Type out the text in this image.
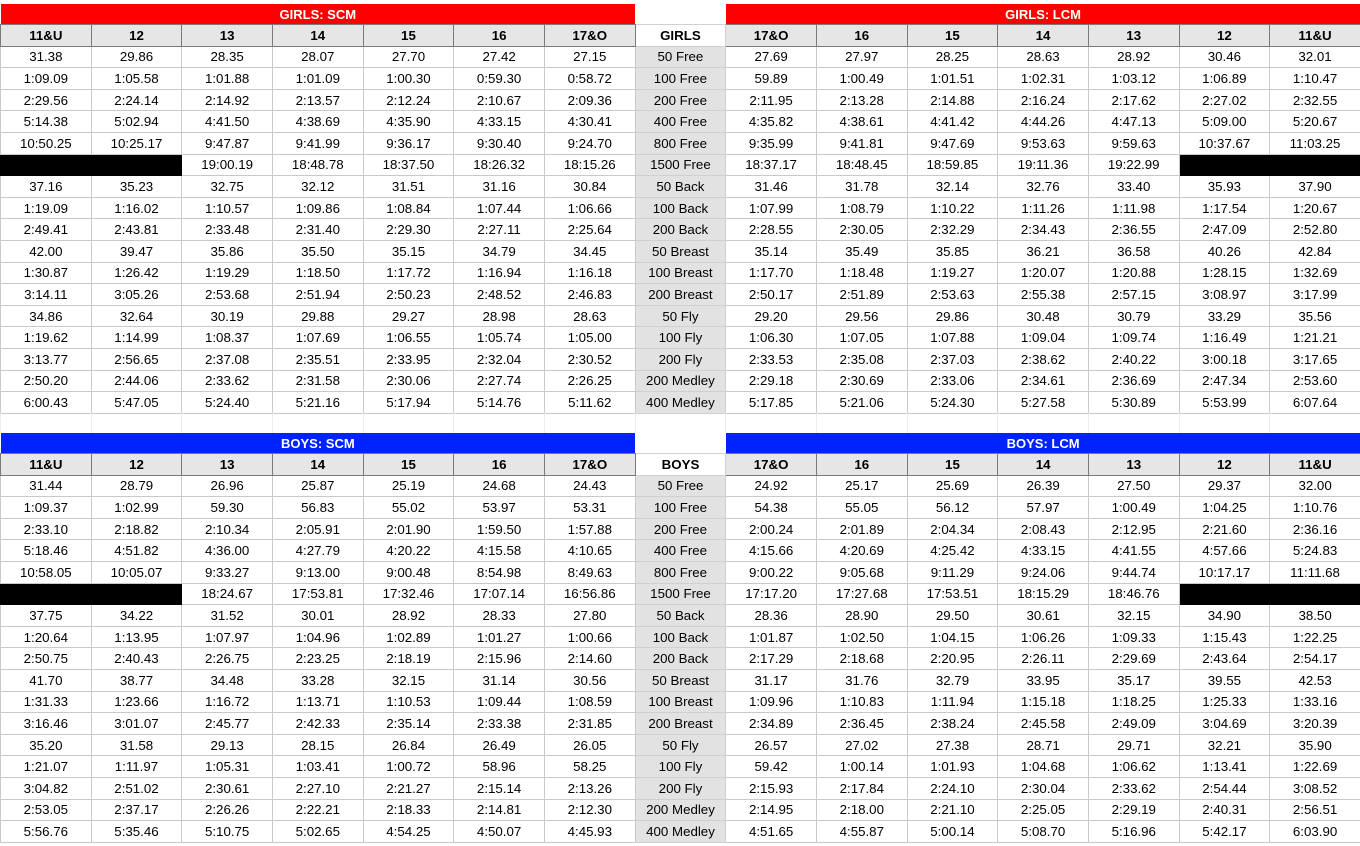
GIRLS: SCM								GIRLS: LCM						
11&U	12	13	14	15	16	17&O	GIRLS	17&O	16	15	14	13	12	11&U
31.38	29.86	28.35	28.07	27.70	27.42	27.15	50 Free	27.69	27.97	28.25	28.63	28.92	30.46	32.01
1:09.09	1:05.58	1:01.88	1:01.09	1:00.30	0:59.30	0:58.72	100 Free	59.89	1:00.49	1:01.51	1:02.31	1:03.12	1:06.89	1:10.47
2:29.56	2:24.14	2:14.92	2:13.57	2:12.24	2:10.67	2:09.36	200 Free	2:11.95	2:13.28	2:14.88	2:16.24	2:17.62	2:27.02	2:32.55
5:14.38	5:02.94	4:41.50	4:38.69	4:35.90	4:33.15	4:30.41	400 Free	4:35.82	4:38.61	4:41.42	4:44.26	4:47.13	5:09.00	5:20.67
10:50.25	10:25.17	9:47.87	9:41.99	9:36.17	9:30.40	9:24.70	800 Free	9:35.99	9:41.81	9:47.69	9:53.63	9:59.63	10:37.67	11:03.25
		19:00.19	18:48.78	18:37.50	18:26.32	18:15.26	1500 Free	18:37.17	18:48.45	18:59.85	19:11.36	19:22.99		
37.16	35.23	32.75	32.12	31.51	31.16	30.84	50 Back	31.46	31.78	32.14	32.76	33.40	35.93	37.90
1:19.09	1:16.02	1:10.57	1:09.86	1:08.84	1:07.44	1:06.66	100 Back	1:07.99	1:08.79	1:10.22	1:11.26	1:11.98	1:17.54	1:20.67
2:49.41	2:43.81	2:33.48	2:31.40	2:29.30	2:27.11	2:25.64	200 Back	2:28.55	2:30.05	2:32.29	2:34.43	2:36.55	2:47.09	2:52.80
42.00	39.47	35.86	35.50	35.15	34.79	34.45	50 Breast	35.14	35.49	35.85	36.21	36.58	40.26	42.84
1:30.87	1:26.42	1:19.29	1:18.50	1:17.72	1:16.94	1:16.18	100 Breast	1:17.70	1:18.48	1:19.27	1:20.07	1:20.88	1:28.15	1:32.69
3:14.11	3:05.26	2:53.68	2:51.94	2:50.23	2:48.52	2:46.83	200 Breast	2:50.17	2:51.89	2:53.63	2:55.38	2:57.15	3:08.97	3:17.99
34.86	32.64	30.19	29.88	29.27	28.98	28.63	50 Fly	29.20	29.56	29.86	30.48	30.79	33.29	35.56
1:19.62	1:14.99	1:08.37	1:07.69	1:06.55	1:05.74	1:05.00	100 Fly	1:06.30	1:07.05	1:07.88	1:09.04	1:09.74	1:16.49	1:21.21
3:13.77	2:56.65	2:37.08	2:35.51	2:33.95	2:32.04	2:30.52	200 Fly	2:33.53	2:35.08	2:37.03	2:38.62	2:40.22	3:00.18	3:17.65
2:50.20	2:44.06	2:33.62	2:31.58	2:30.06	2:27.74	2:26.25	200 Medley	2:29.18	2:30.69	2:33.06	2:34.61	2:36.69	2:47.34	2:53.60
6:00.43	5:47.05	5:24.40	5:21.16	5:17.94	5:14.76	5:11.62	400 Medley	5:17.85	5:21.06	5:24.30	5:27.58	5:30.89	5:53.99	6:07.64
BOYS: SCM								BOYS: LCM						
11&U	12	13	14	15	16	17&O	BOYS	17&O	16	15	14	13	12	11&U
31.44	28.79	26.96	25.87	25.19	24.68	24.43	50 Free	24.92	25.17	25.69	26.39	27.50	29.37	32.00
1:09.37	1:02.99	59.30	56.83	55.02	53.97	53.31	100 Free	54.38	55.05	56.12	57.97	1:00.49	1:04.25	1:10.76
2:33.10	2:18.82	2:10.34	2:05.91	2:01.90	1:59.50	1:57.88	200 Free	2:00.24	2:01.89	2:04.34	2:08.43	2:12.95	2:21.60	2:36.16
5:18.46	4:51.82	4:36.00	4:27.79	4:20.22	4:15.58	4:10.65	400 Free	4:15.66	4:20.69	4:25.42	4:33.15	4:41.55	4:57.66	5:24.83
10:58.05	10:05.07	9:33.27	9:13.00	9:00.48	8:54.98	8:49.63	800 Free	9:00.22	9:05.68	9:11.29	9:24.06	9:44.74	10:17.17	11:11.68
		18:24.67	17:53.81	17:32.46	17:07.14	16:56.86	1500 Free	17:17.20	17:27.68	17:53.51	18:15.29	18:46.76		
37.75	34.22	31.52	30.01	28.92	28.33	27.80	50 Back	28.36	28.90	29.50	30.61	32.15	34.90	38.50
1:20.64	1:13.95	1:07.97	1:04.96	1:02.89	1:01.27	1:00.66	100 Back	1:01.87	1:02.50	1:04.15	1:06.26	1:09.33	1:15.43	1:22.25
2:50.75	2:40.43	2:26.75	2:23.25	2:18.19	2:15.96	2:14.60	200 Back	2:17.29	2:18.68	2:20.95	2:26.11	2:29.69	2:43.64	2:54.17
41.70	38.77	34.48	33.28	32.15	31.14	30.56	50 Breast	31.17	31.76	32.79	33.95	35.17	39.55	42.53
1:31.33	1:23.66	1:16.72	1:13.71	1:10.53	1:09.44	1:08.59	100 Breast	1:09.96	1:10.83	1:11.94	1:15.18	1:18.25	1:25.33	1:33.16
3:16.46	3:01.07	2:45.77	2:42.33	2:35.14	2:33.38	2:31.85	200 Breast	2:34.89	2:36.45	2:38.24	2:45.58	2:49.09	3:04.69	3:20.39
35.20	31.58	29.13	28.15	26.84	26.49	26.05	50 Fly	26.57	27.02	27.38	28.71	29.71	32.21	35.90
1:21.07	1:11.97	1:05.31	1:03.41	1:00.72	58.96	58.25	100 Fly	59.42	1:00.14	1:01.93	1:04.68	1:06.62	1:13.41	1:22.69
3:04.82	2:51.02	2:30.61	2:27.10	2:21.27	2:15.14	2:13.26	200 Fly	2:15.93	2:17.84	2:24.10	2:30.04	2:33.62	2:54.44	3:08.52
2:53.05	2:37.17	2:26.26	2:22.21	2:18.33	2:14.81	2:12.30	200 Medley	2:14.95	2:18.00	2:21.10	2:25.05	2:29.19	2:40.31	2:56.51
5:56.76	5:35.46	5:10.75	5:02.65	4:54.25	4:50.07	4:45.93	400 Medley	4:51.65	4:55.87	5:00.14	5:08.70	5:16.96	5:42.17	6:03.90
